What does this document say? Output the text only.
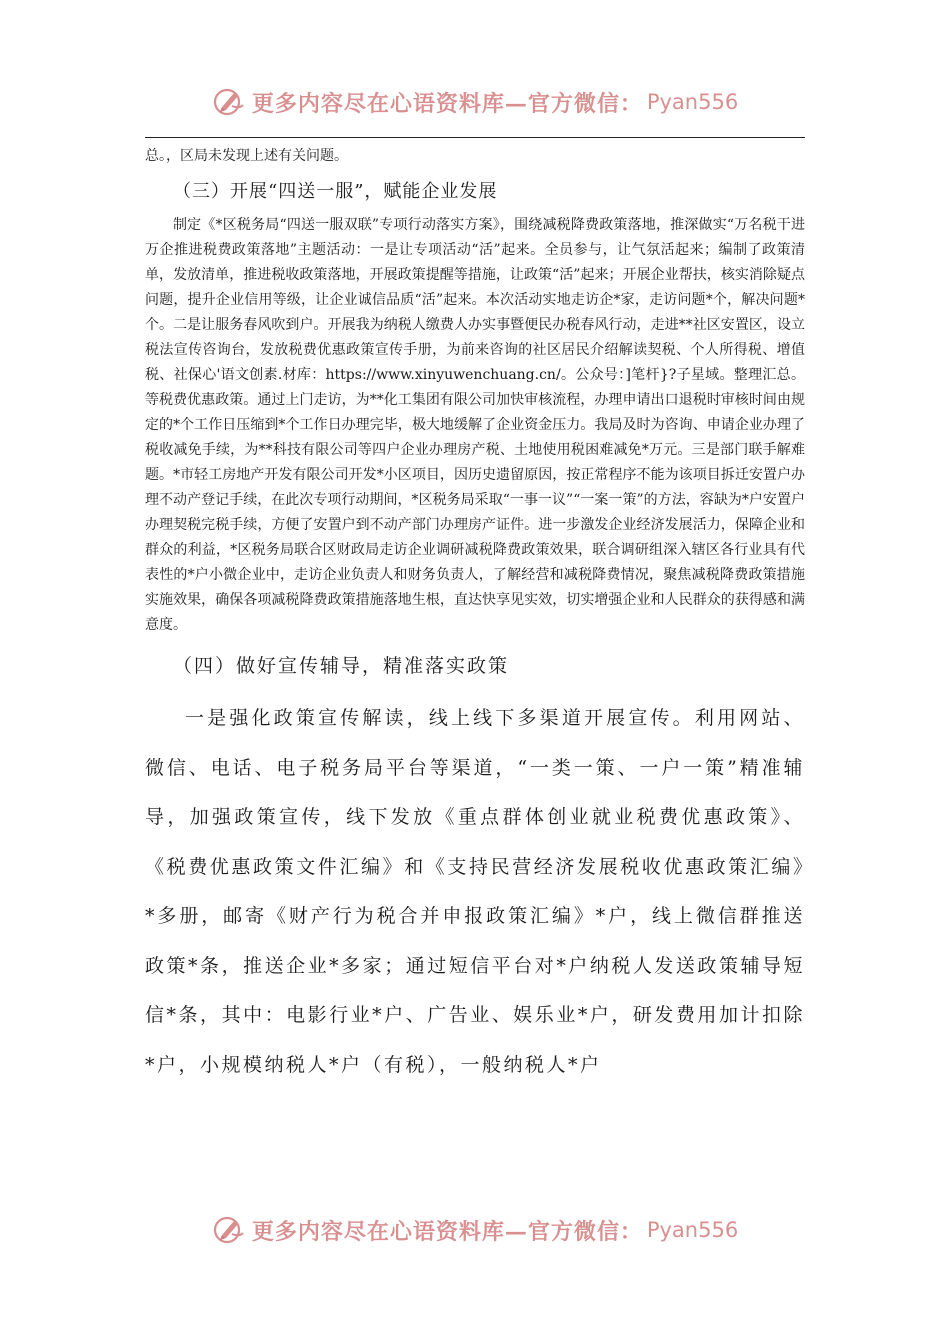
更多内容尽在心语资料库—官方微信： Pyan556

总。，区局未发现上述有关问题。

（三）开展“四送一服”，赋能企业发展

制定《*区税务局“四送一服双联”专项行动落实方案》，围绕减税降费政策落地，推深做实“万名税干进万企推进税费政策落地”主题活动：一是让专项活动“活”起来。全员参与，让气氛活起来；编制了政策清单，发放清单，推进税收政策落地，开展政策提醒等措施，让政策“活”起来；开展企业帮扶，核实消除疑点问题，提升企业信用等级，让企业诚信品质“活”起来。本次活动实地走访企*家，走访问题*个，解决问题*个。二是让服务春风吹到户。开展我为纳税人缴费人办实事暨便民办税春风行动，走进**社区安置区，设立税法宣传咨询台，发放税费优惠政策宣传手册，为前来咨询的社区居民介绍解读契税、个人所得税、增值税、社保心'语文创素.材库：https://www.xinyuwenchuang.cn/。公众号：]笔杆}?子星域。整理汇总。等税费优惠政策。通过上门走访，为**化工集团有限公司加快审核流程，办理申请出口退税时审核时间由规定的*个工作日压缩到*个工作日办理完毕，极大地缓解了企业资金压力。我局及时为咨询、申请企业办理了税收减免手续，为**科技有限公司等四户企业办理房产税、土地使用税困难减免*万元。三是部门联手解难题。*市轻工房地产开发有限公司开发*小区项目，因历史遗留原因，按正常程序不能为该项目拆迁安置户办理不动产登记手续，在此次专项行动期间，*区税务局采取“一事一议”“一案一策”的方法，容缺为*户安置户办理契税完税手续，方便了安置户到不动产部门办理房产证件。进一步激发企业经济发展活力，保障企业和群众的利益，*区税务局联合区财政局走访企业调研减税降费政策效果，联合调研组深入辖区各行业具有代表性的*户小微企业中，走访企业负责人和财务负责人，了解经营和减税降费情况，聚焦减税降费政策措施实施效果，确保各项减税降费政策措施落地生根，直达快享见实效，切实增强企业和人民群众的获得感和满意度。

（四）做好宣传辅导，精准落实政策

一是强化政策宣传解读，线上线下多渠道开展宣传。利用网站、微信、电话、电子税务局平台等渠道，“一类一策、一户一策”精准辅导，加强政策宣传，线下发放《重点群体创业就业税费优惠政策》、《税费优惠政策文件汇编》和《支持民营经济发展税收优惠政策汇编》*多册，邮寄《财产行为税合并申报政策汇编》*户，线上微信群推送政策*条，推送企业*多家；通过短信平台对*户纳税人发送政策辅导短信*条，其中：电影行业*户、广告业、娱乐业*户，研发费用加计扣除*户，小规模纳税人*户（有税），一般纳税人*户

更多内容尽在心语资料库—官方微信： Pyan556
